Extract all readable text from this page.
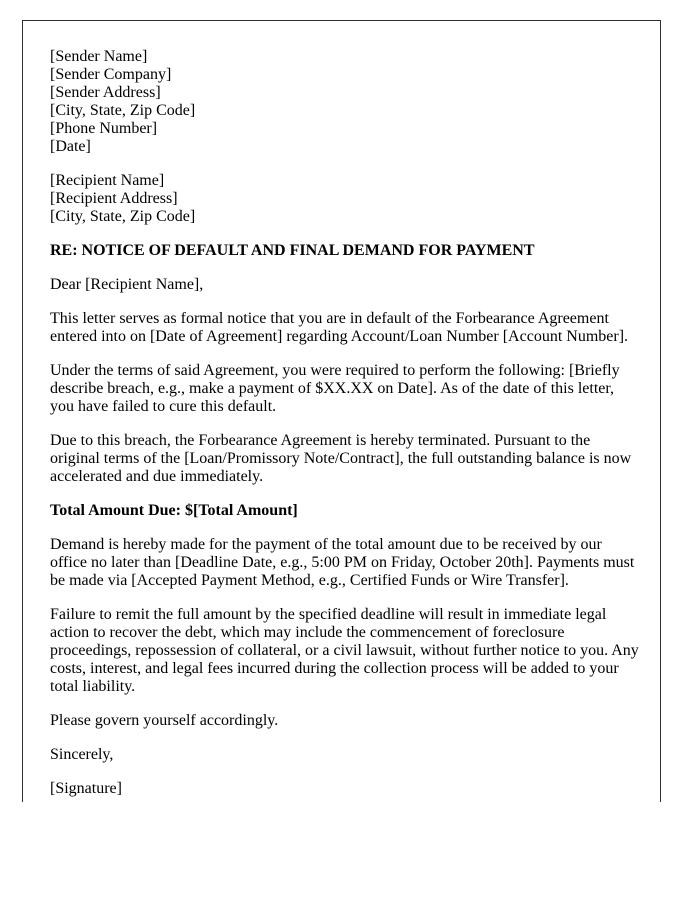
[Sender Name]
[Sender Company]
[Sender Address]
[City, State, Zip Code]
[Phone Number]
[Date]
[Recipient Name]
[Recipient Address]
[City, State, Zip Code]

RE: NOTICE OF DEFAULT AND FINAL DEMAND FOR PAYMENT

Dear [Recipient Name],

This letter serves as formal notice that you are in default of the Forbearance Agreement entered into on [Date of Agreement] regarding Account/Loan Number [Account Number].

Under the terms of said Agreement, you were required to perform the following: [Briefly describe breach, e.g., make a payment of $XX.XX on Date]. As of the date of this letter, you have failed to cure this default.

Due to this breach, the Forbearance Agreement is hereby terminated. Pursuant to the original terms of the [Loan/Promissory Note/Contract], the full outstanding balance is now accelerated and due immediately.

Total Amount Due: $[Total Amount]

Demand is hereby made for the payment of the total amount due to be received by our office no later than [Deadline Date, e.g., 5:00 PM on Friday, October 20th]. Payments must be made via [Accepted Payment Method, e.g., Certified Funds or Wire Transfer].

Failure to remit the full amount by the specified deadline will result in immediate legal action to recover the debt, which may include the commencement of foreclosure proceedings, repossession of collateral, or a civil lawsuit, without further notice to you. Any costs, interest, and legal fees incurred during the collection process will be added to your total liability.

Please govern yourself accordingly.

Sincerely,

[Signature]
